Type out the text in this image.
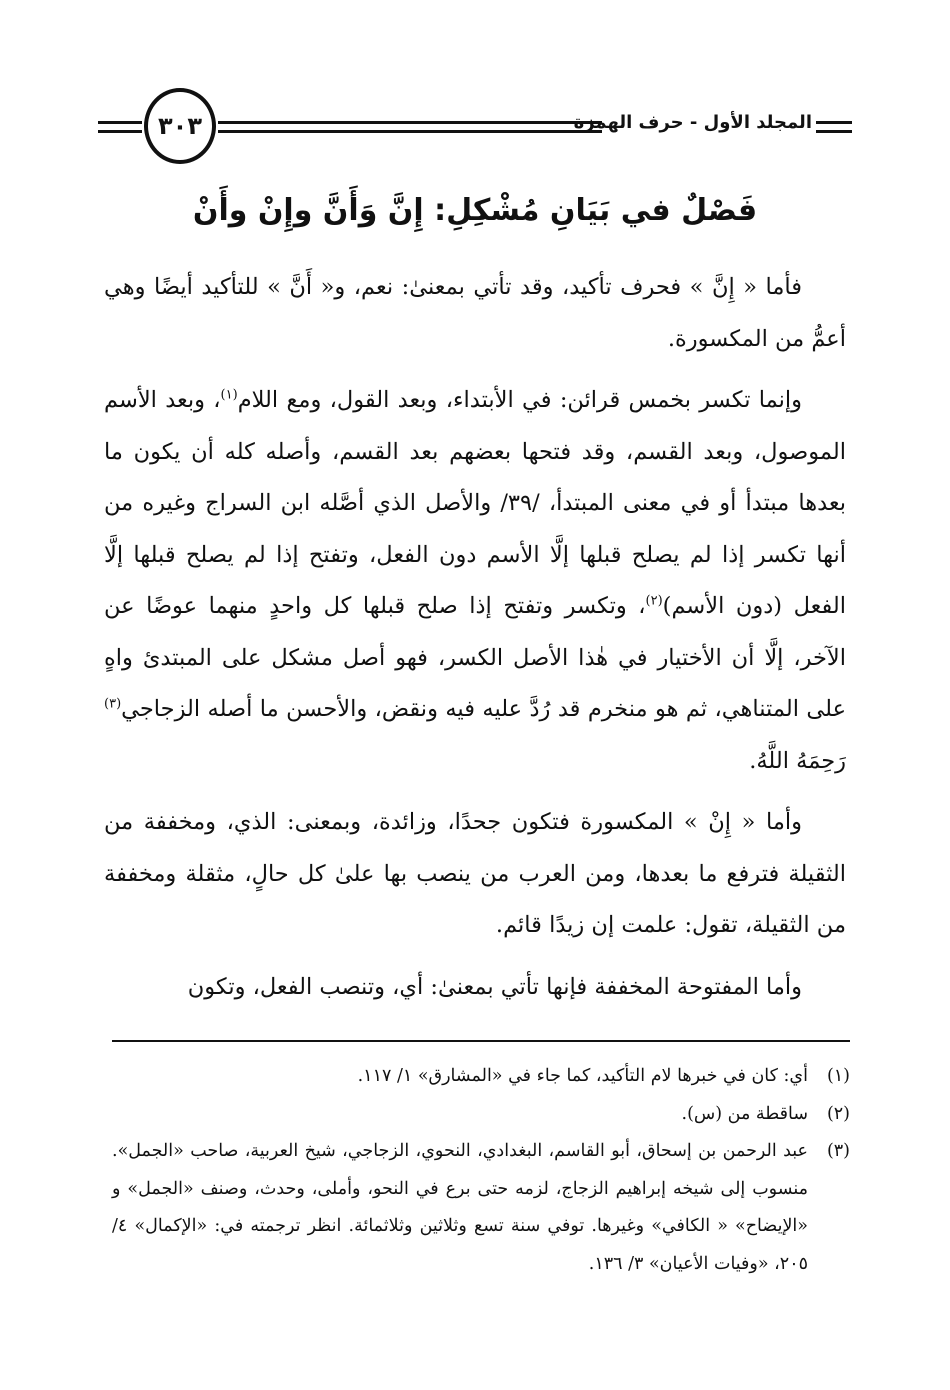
٣٠٣	المجلد الأول - حرف الهمزة
فَصْلٌ في بَيَانِ مُشْكِلِ: إِنَّ وَأَنَّ وإِنْ وأَنْ

فأما « إِنَّ » فحرف تأكيد، وقد تأتي بمعنىٰ: نعم، و« أَنَّ » للتأكيد أيضًا وهي أعمُّ من المكسورة.

وإنما تكسر بخمس قرائن: في الأبتداء، وبعد القول، ومع اللام$^{(١)}$، وبعد الأسم الموصول، وبعد القسم، وقد فتحها بعضهم بعد القسم، وأصله كله أن يكون ما بعدها مبتدأ أو في معنى المبتدأ، /٣٩/ والأصل الذي أصَّله ابن السراج وغيره من أنها تكسر إذا لم يصلح قبلها إلَّا الأسم دون الفعل، وتفتح إذا لم يصلح قبلها إلَّا الفعل (دون الأسم)$^{(٢)}$، وتكسر وتفتح إذا صلح قبلها كل واحدٍ منهما عوضًا عن الآخر، إلَّا أن الأختيار في هٰذا الأصل الكسر، فهو أصل مشكل على المبتدئ واهٍ على المتناهي، ثم هو منخرم قد رُدَّ عليه فيه ونقض، والأحسن ما أصله الزجاجي$^{(٣)}$ رَحِمَهُ اللَّهُ.

وأما « إِنْ » المكسورة فتكون جحدًا، وزائدة، وبمعنى: الذي، ومخففة من الثقيلة فترفع ما بعدها، ومن العرب من ينصب بها علىٰ كل حالٍ، مثقلة ومخففة من الثقيلة، تقول: علمت إن زيدًا قائم.

وأما المفتوحة المخففة فإنها تأتي بمعنىٰ: أي، وتنصب الفعل، وتكون

(١)
أي: كان في خبرها لام التأكيد، كما جاء في «المشارق» ١/ ١١٧.
(٢)
ساقطة من (س).
(٣)
عبد الرحمن بن إسحاق، أبو القاسم، البغدادي، النحوي، الزجاجي، شيخ العربية، صاحب «الجمل». منسوب إلى شيخه إبراهيم الزجاج، لزمه حتى برع في النحو، وأملى، وحدث، وصنف «الجمل» و «الإيضاح» « الكافي» وغيرها. توفي سنة تسع وثلاثين وثلاثمائة. انظر ترجمته في: «الإكمال» ٤/ ٢٠٥، «وفيات الأعيان» ٣/ ١٣٦.
